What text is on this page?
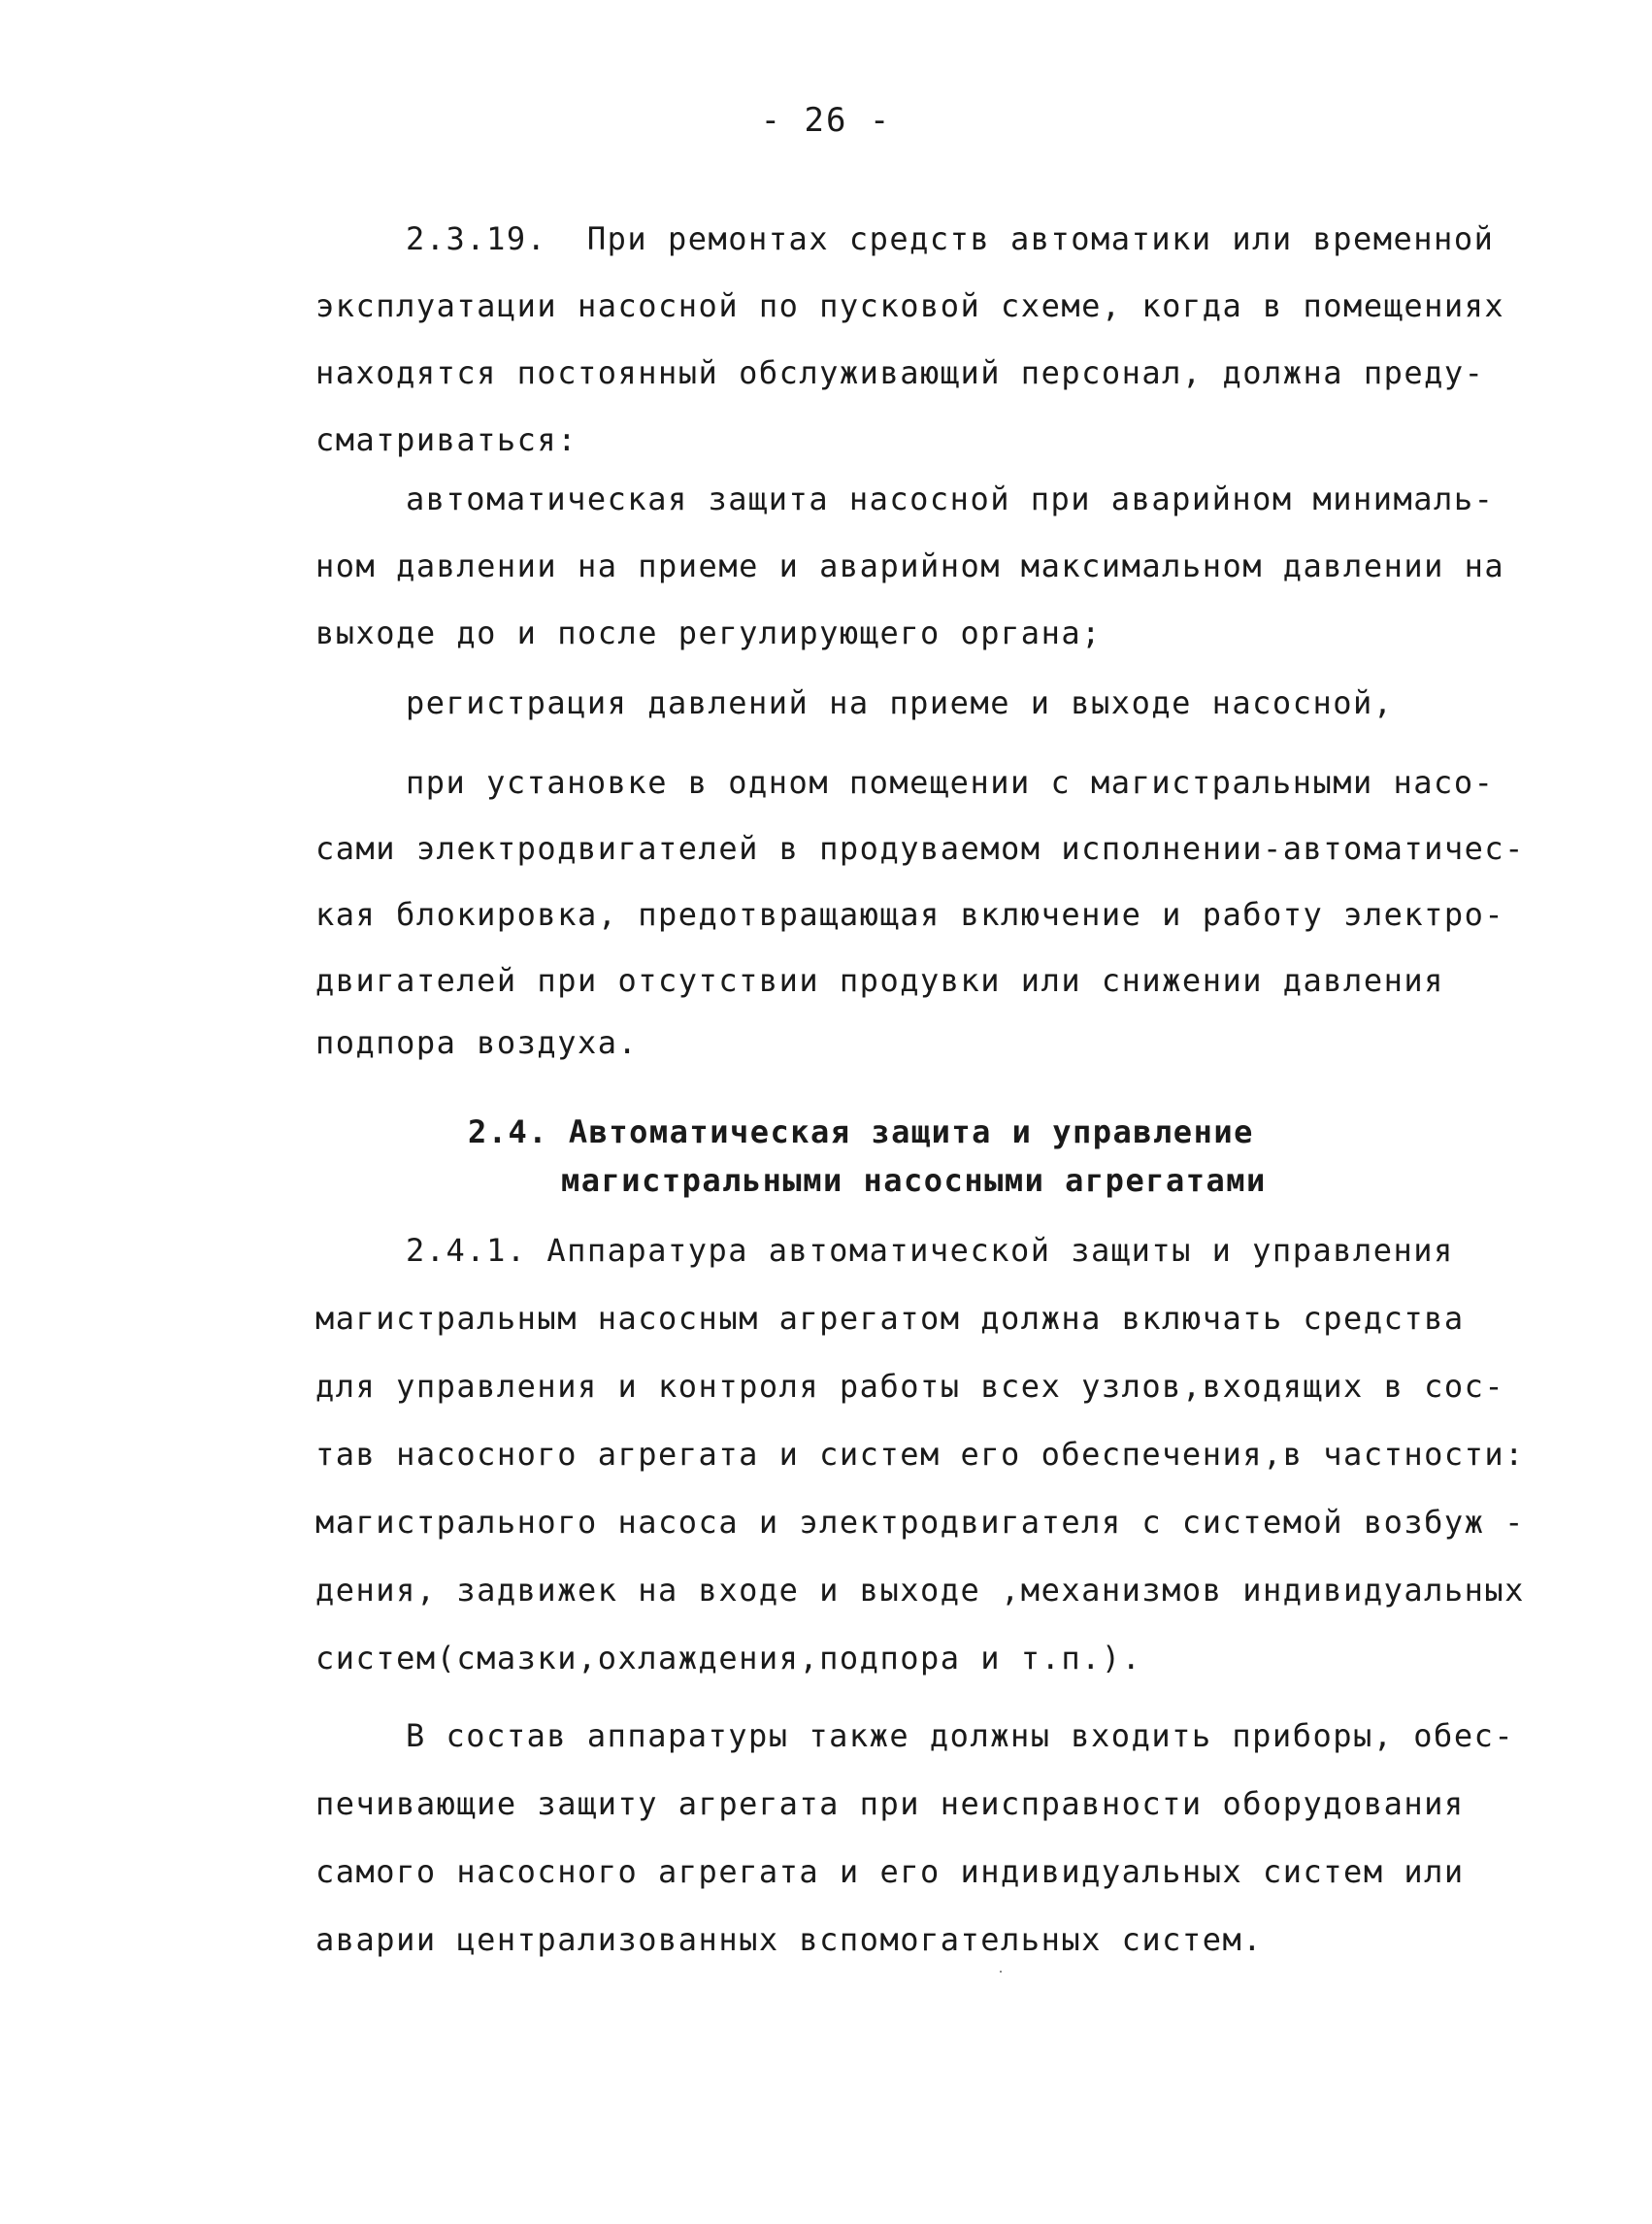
- 26 -
2.3.19.  При ремонтах средств автоматики или временной
эксплуатации насосной по пусковой схеме, когда в помещениях
находятся постоянный обслуживающий персонал, должна преду-
сматриваться:
автоматическая защита насосной при аварийном минималь-
ном давлении на приеме и аварийном максимальном давлении на
выходе до и после регулирующего органа;
регистрация давлений на приеме и выходе насосной,
при установке в одном помещении с магистральными насо-
сами электродвигателей в продуваемом исполнении-автоматичес-
кая блокировка, предотвращающая включение и работу электро-
двигателей при отсутствии продувки или снижении давления
подпора воздуха.
2.4. Автоматическая защита и управление
магистральными насосными агрегатами
2.4.1. Аппаратура автоматической защиты и управления
магистральным насосным агрегатом должна включать средства
для управления и контроля работы всех узлов,входящих в сос-
тав насосного агрегата и систем его обеспечения,в частности:
магистрального насоса и электродвигателя с системой возбуж -
дения, задвижек на входе и выходе ,механизмов индивидуальных
систем(смазки,охлаждения,подпора и т.п.).
В состав аппаратуры также должны входить приборы, обес-
печивающие защиту агрегата при неисправности оборудования
самого насосного агрегата и его индивидуальных систем или
аварии централизованных вспомогательных систем.
